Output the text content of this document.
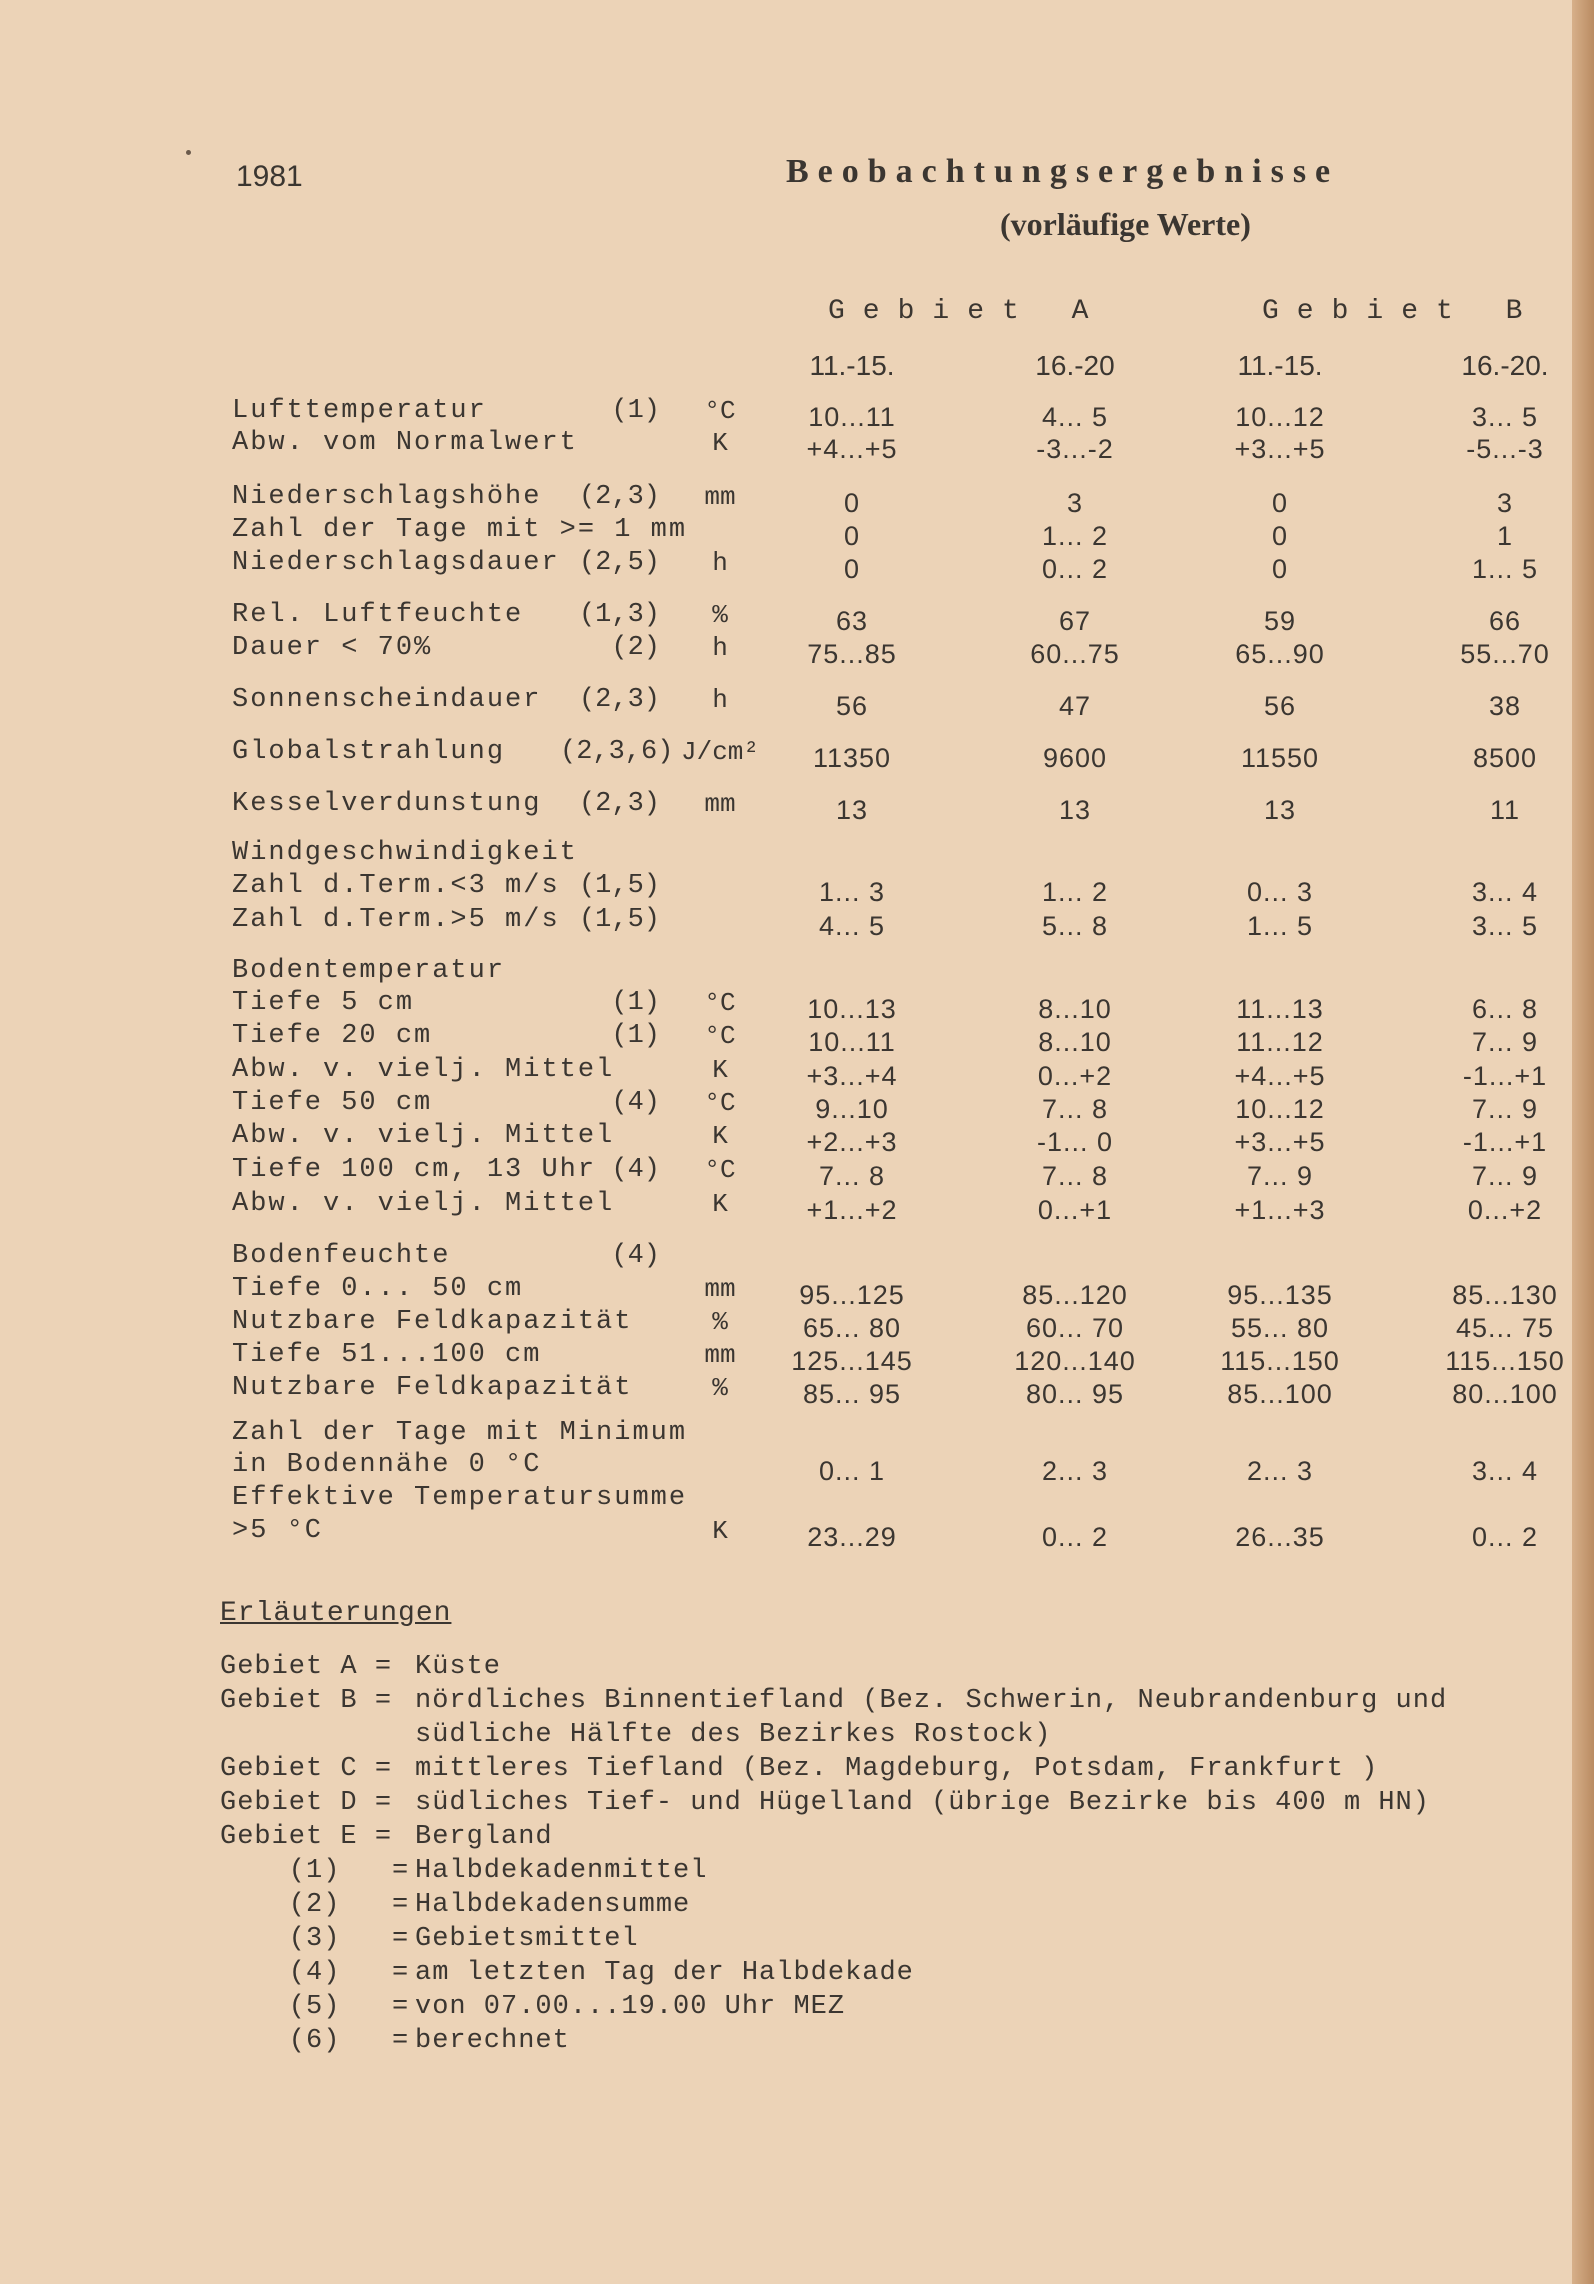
1981	Beobachtungsergebnisse
(vorläufige Werte)
Gebiet A	Gebiet B
11.-15.	16.-20	11.-15.	16.-20.
Lufttemperatur	(1)	°C	10...11	4... 5	10...12	3... 5
Abw. vom Normalwert	K	+4...+5	-3...-2	+3...+5	-5...-3
Niederschlagshöhe	(2,3)	mm	0	3	0	3
Zahl der Tage mit >= 1 mm	0	1... 2	0	1
Niederschlagsdauer (2,5)	h	0	0... 2	0	1... 5
Rel. Luftfeuchte	(1,3)	%	63	67	59	66
Dauer < 70%	(2)	h	75...85	60...75	65...90	55...70
Sonnenscheindauer	(2,3)	h	56	47	56	38
Globalstrahlung (2,3,6) J/cm²	11350	9600	11550	8500
Kesselverdunstung	(2,3)	mm	13	13	13	11
Windgeschwindigkeit
Zahl d.Term.<3 m/s (1,5)	1... 3	1... 2	0... 3	3... 4
Zahl d.Term.>5 m/s (1,5)	4... 5	5... 8	1... 5	3... 5
Bodentemperatur
Tiefe 5 cm	(1)	°C	10...13	8...10	11...13	6... 8
Tiefe 20 cm	(1)	°C	10...11	8...10	11...12	7... 9
Abw. v. vielj. Mittel	K	+3...+4	0...+2	+4...+5	-1...+1
Tiefe 50 cm	(4)	°C	9...10	7... 8	10...12	7... 9
Abw. v. vielj. Mittel	K	+2...+3	-1... 0	+3...+5	-1...+1
Tiefe 100 cm, 13 Uhr (4)	°C	7... 8	7... 8	7... 9	7... 9
Abw. v. vielj. Mittel	K	+1...+2	0...+1	+1...+3	0...+2
Bodenfeuchte	(4)
Tiefe 0... 50 cm	mm	95...125	85...120	95...135	85...130
Nutzbare Feldkapazität	%	65... 80	60... 70	55... 80	45... 75
Tiefe 51...100 cm	mm	125...145	120...140	115...150	115...150
Nutzbare Feldkapazität	%	85... 95	80... 95	85...100	80...100
Zahl der Tage mit Minimum
in Bodennähe 0 °C	0... 1	2... 3	2... 3	3... 4
Effektive Temperatursumme
>5 °C	K	23...29	0... 2	26...35	0... 2
Erläuterungen
Gebiet A = Küste
Gebiet B = nördliches Binnentiefland (Bez. Schwerin, Neubrandenburg und
südliche Hälfte des Bezirkes Rostock)
Gebiet C = mittleres Tiefland (Bez. Magdeburg, Potsdam, Frankfurt )
Gebiet D = südliches Tief- und Hügelland (übrige Bezirke bis 400 m HN)
Gebiet E = Bergland
(1)   = Halbdekadenmittel
(2)   = Halbdekadensumme
(3)   = Gebietsmittel
(4)   = am letzten Tag der Halbdekade
(5)   = von 07.00...19.00 Uhr MEZ
(6)   = berechnet
